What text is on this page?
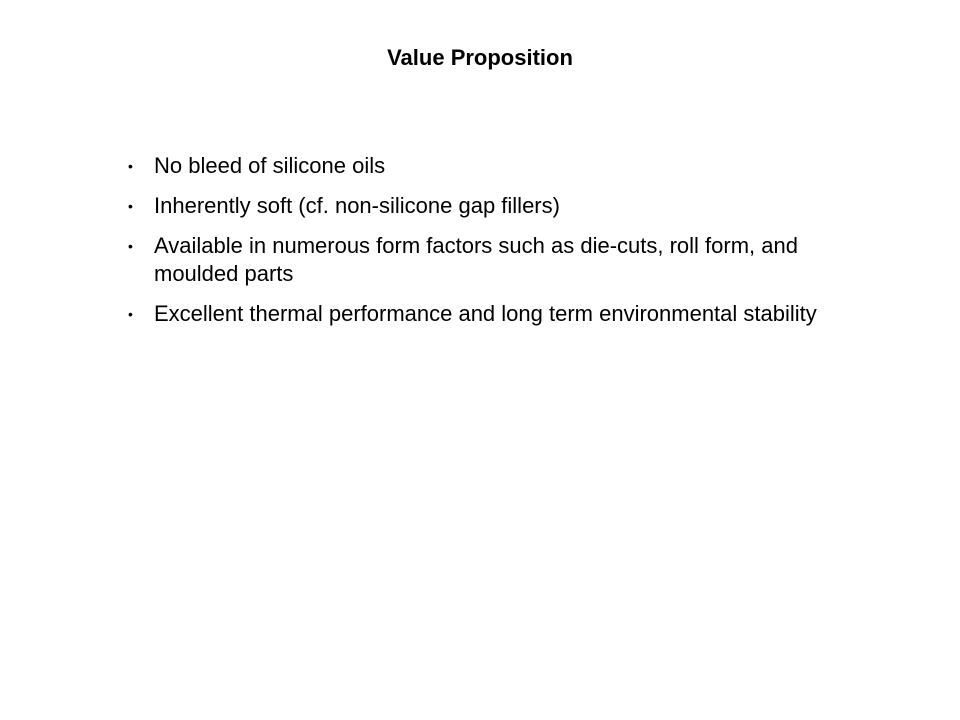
Value Proposition
• No bleed of silicone oils
• Inherently soft (cf. non-silicone gap fillers)
• Available in numerous form factors such as die-cuts, roll form, and moulded parts
• Excellent thermal performance and long term environmental stability
